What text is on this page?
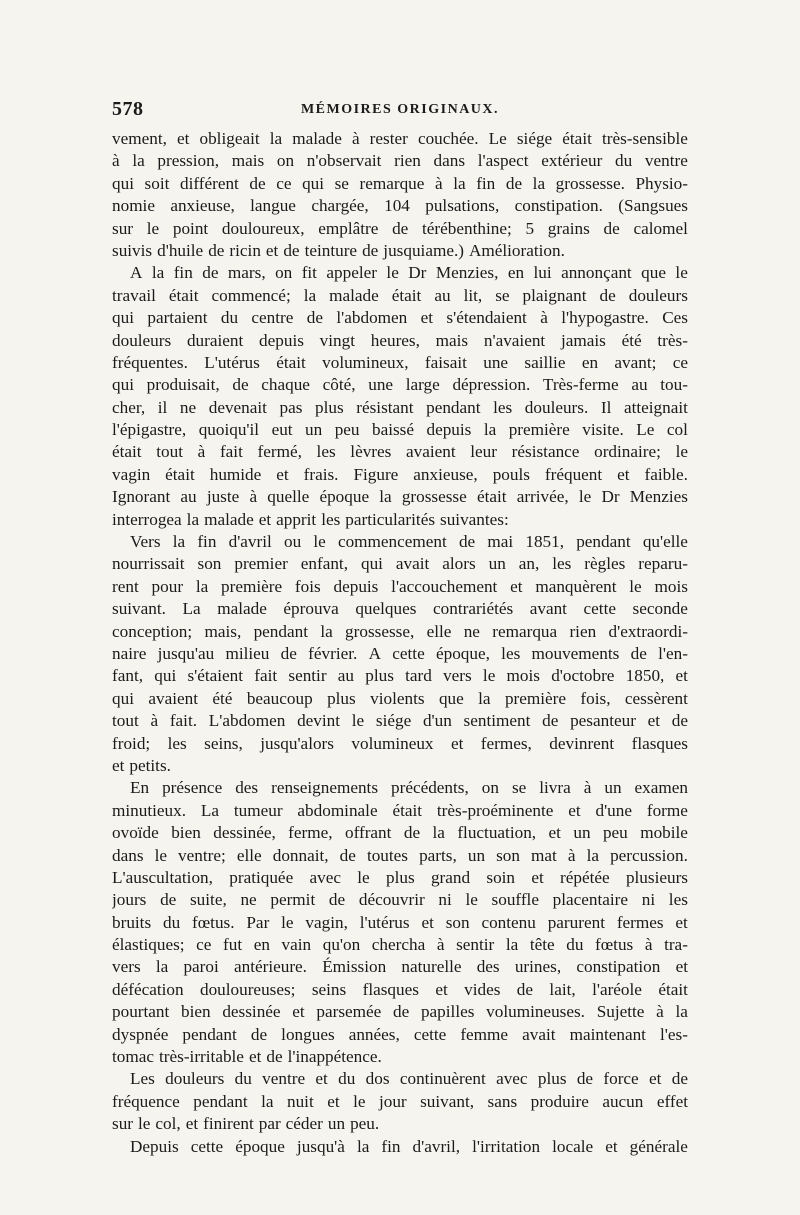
578	MÉMOIRES ORIGINAUX.
vement, et obligeait la malade à rester couchée. Le siége était très-sensible
à la pression, mais on n'observait rien dans l'aspect extérieur du ventre
qui soit différent de ce qui se remarque à la fin de la grossesse. Physio-
nomie anxieuse, langue chargée, 104 pulsations, constipation. (Sangsues
sur le point douloureux, emplâtre de térébenthine; 5 grains de calomel
suivis d'huile de ricin et de teinture de jusquiame.) Amélioration.
A la fin de mars, on fit appeler le Dr Menzies, en lui annonçant que le
travail était commencé; la malade était au lit, se plaignant de douleurs
qui partaient du centre de l'abdomen et s'étendaient à l'hypogastre. Ces
douleurs duraient depuis vingt heures, mais n'avaient jamais été très-
fréquentes. L'utérus était volumineux, faisait une saillie en avant; ce
qui produisait, de chaque côté, une large dépression. Très-ferme au tou-
cher, il ne devenait pas plus résistant pendant les douleurs. Il atteignait
l'épigastre, quoiqu'il eut un peu baissé depuis la première visite. Le col
était tout à fait fermé, les lèvres avaient leur résistance ordinaire; le
vagin était humide et frais. Figure anxieuse, pouls fréquent et faible.
Ignorant au juste à quelle époque la grossesse était arrivée, le Dr Menzies
interrogea la malade et apprit les particularités suivantes:
Vers la fin d'avril ou le commencement de mai 1851, pendant qu'elle
nourrissait son premier enfant, qui avait alors un an, les règles reparu-
rent pour la première fois depuis l'accouchement et manquèrent le mois
suivant. La malade éprouva quelques contrariétés avant cette seconde
conception; mais, pendant la grossesse, elle ne remarqua rien d'extraordi-
naire jusqu'au milieu de février. A cette époque, les mouvements de l'en-
fant, qui s'étaient fait sentir au plus tard vers le mois d'octobre 1850, et
qui avaient été beaucoup plus violents que la première fois, cessèrent
tout à fait. L'abdomen devint le siége d'un sentiment de pesanteur et de
froid; les seins, jusqu'alors volumineux et fermes, devinrent flasques
et petits.
En présence des renseignements précédents, on se livra à un examen
minutieux. La tumeur abdominale était très-proéminente et d'une forme
ovoïde bien dessinée, ferme, offrant de la fluctuation, et un peu mobile
dans le ventre; elle donnait, de toutes parts, un son mat à la percussion.
L'auscultation, pratiquée avec le plus grand soin et répétée plusieurs
jours de suite, ne permit de découvrir ni le souffle placentaire ni les
bruits du fœtus. Par le vagin, l'utérus et son contenu parurent fermes et
élastiques; ce fut en vain qu'on chercha à sentir la tête du fœtus à tra-
vers la paroi antérieure. Émission naturelle des urines, constipation et
défécation douloureuses; seins flasques et vides de lait, l'aréole était
pourtant bien dessinée et parsemée de papilles volumineuses. Sujette à la
dyspnée pendant de longues années, cette femme avait maintenant l'es-
tomac très-irritable et de l'inappétence.
Les douleurs du ventre et du dos continuèrent avec plus de force et de
fréquence pendant la nuit et le jour suivant, sans produire aucun effet
sur le col, et finirent par céder un peu.
Depuis cette époque jusqu'à la fin d'avril, l'irritation locale et générale
